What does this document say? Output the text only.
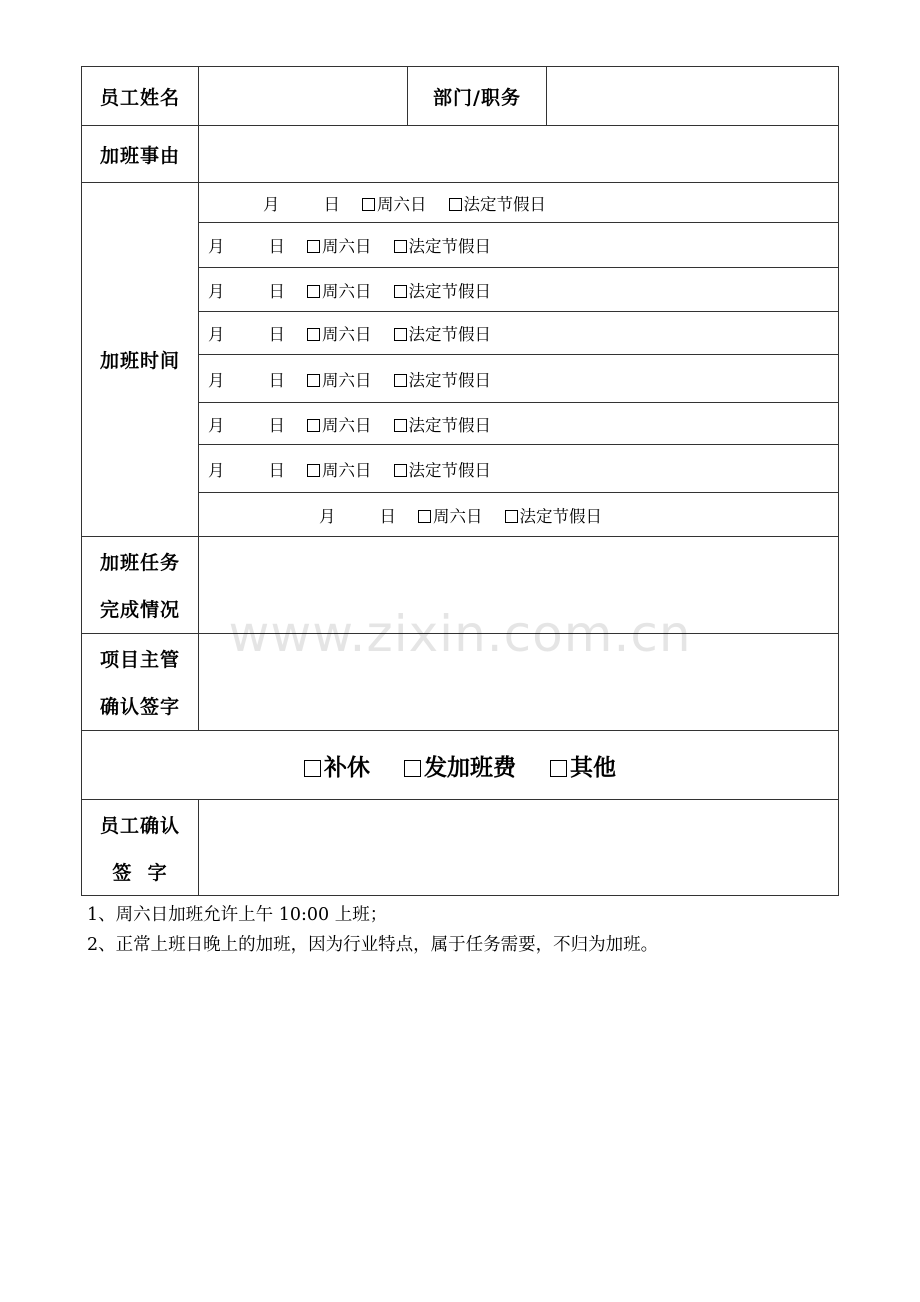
员工姓名		部门/职务	
加班事由			
加班时间	月 日 周六日 法定节假日		
	月 日 周六日 法定节假日		
	月 日 周六日 法定节假日		
	月 日 周六日 法定节假日		
	月 日 周六日 法定节假日		
	月 日 周六日 法定节假日		
	月 日 周六日 法定节假日		
	月 日 周六日 法定节假日		

加班任务
完成情况			

项目主管
确认签字			

补休 发加班费 其他			

员工确认
签  字			

1、周六日加班允许上午 10:00 上班；
2、正常上班日晚上的加班，因为行业特点，属于任务需要，不归为加班。
www.zixin.com.cn
